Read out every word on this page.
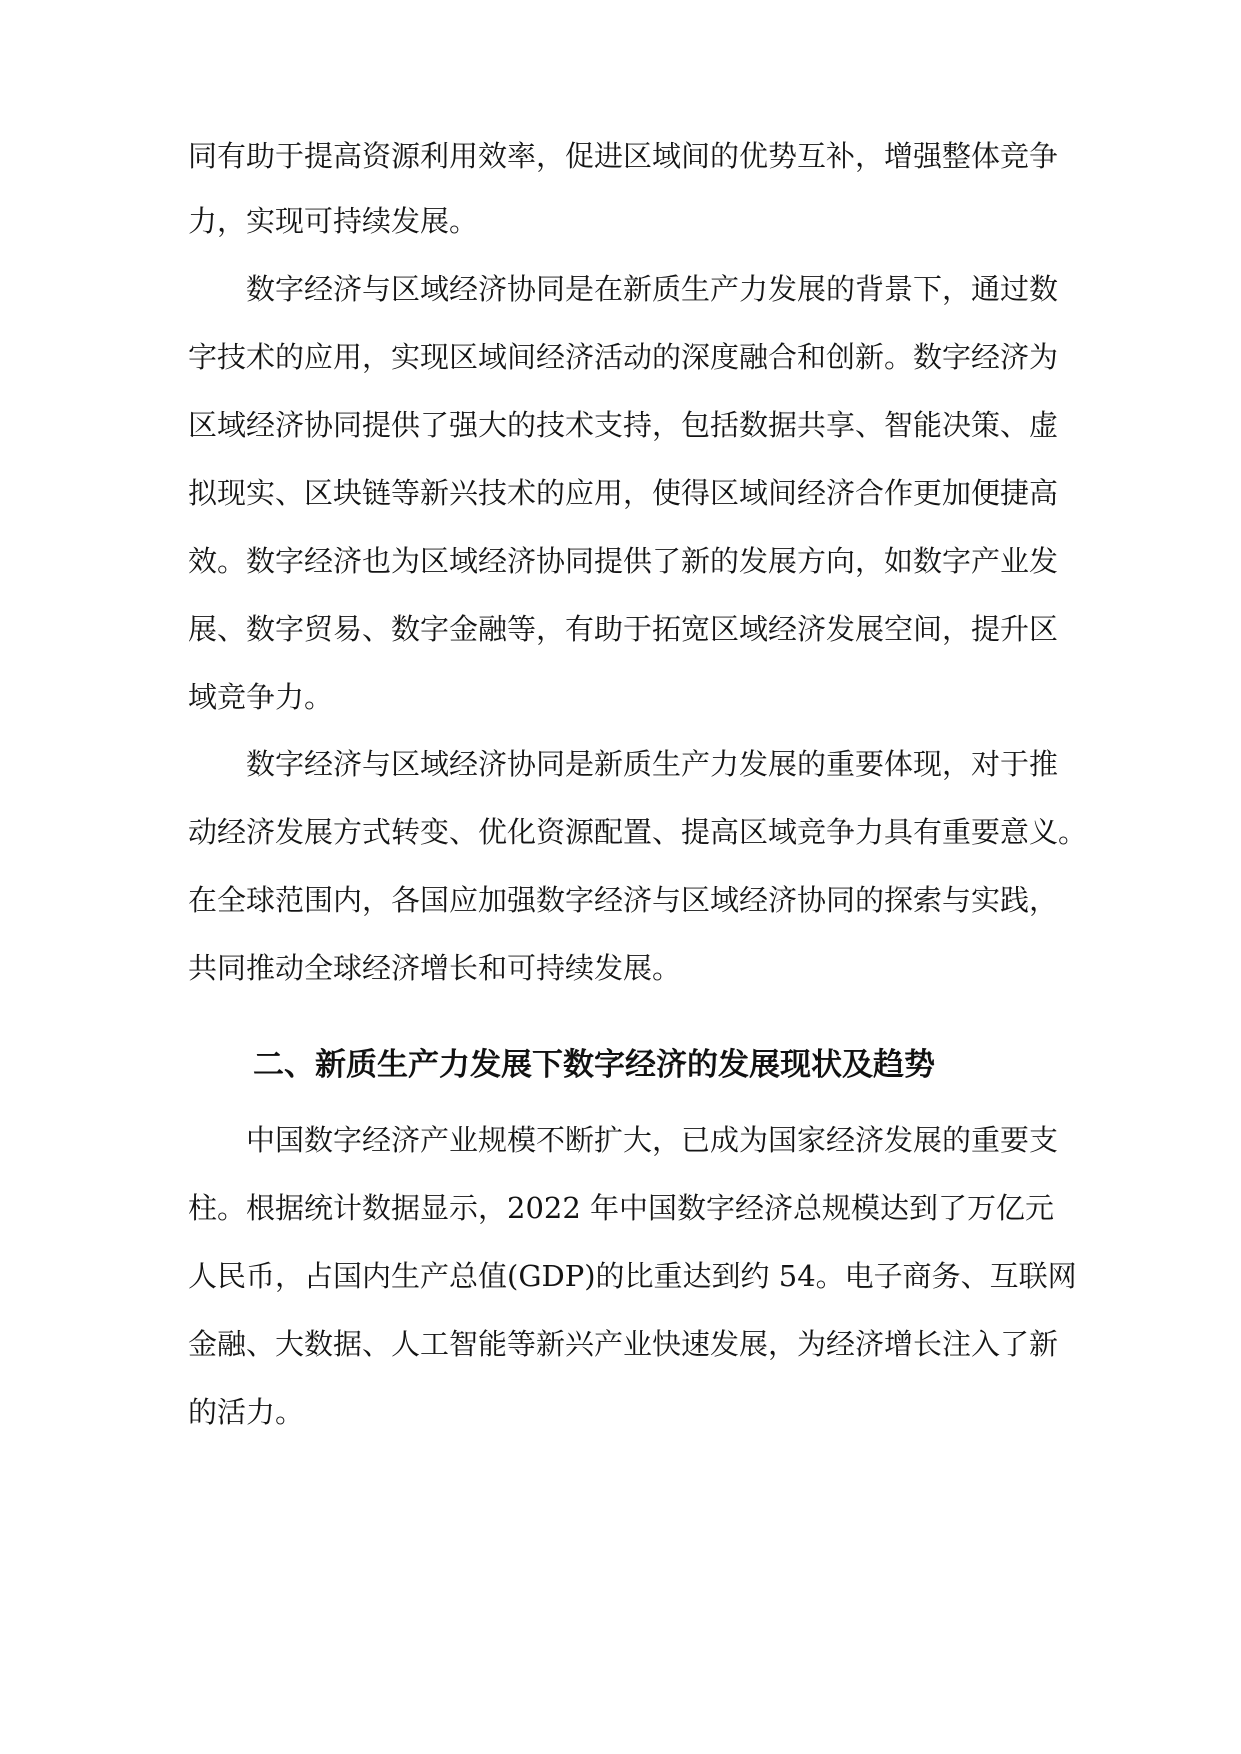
同有助于提高资源利用效率，促进区域间的优势互补，增强整体竞争
力，实现可持续发展。
数字经济与区域经济协同是在新质生产力发展的背景下，通过数
字技术的应用，实现区域间经济活动的深度融合和创新。数字经济为
区域经济协同提供了强大的技术支持，包括数据共享、智能决策、虚
拟现实、区块链等新兴技术的应用，使得区域间经济合作更加便捷高
效。数字经济也为区域经济协同提供了新的发展方向，如数字产业发
展、数字贸易、数字金融等，有助于拓宽区域经济发展空间，提升区
域竞争力。
数字经济与区域经济协同是新质生产力发展的重要体现，对于推
动经济发展方式转变、优化资源配置、提高区域竞争力具有重要意义。
在全球范围内，各国应加强数字经济与区域经济协同的探索与实践，
共同推动全球经济增长和可持续发展。
二、新质生产力发展下数字经济的发展现状及趋势
中国数字经济产业规模不断扩大，已成为国家经济发展的重要支
柱。根据统计数据显示，2022 年中国数字经济总规模达到了万亿元
人民币，占国内生产总值(GDP)的比重达到约 54。电子商务、互联网
金融、大数据、人工智能等新兴产业快速发展，为经济增长注入了新
的活力。
